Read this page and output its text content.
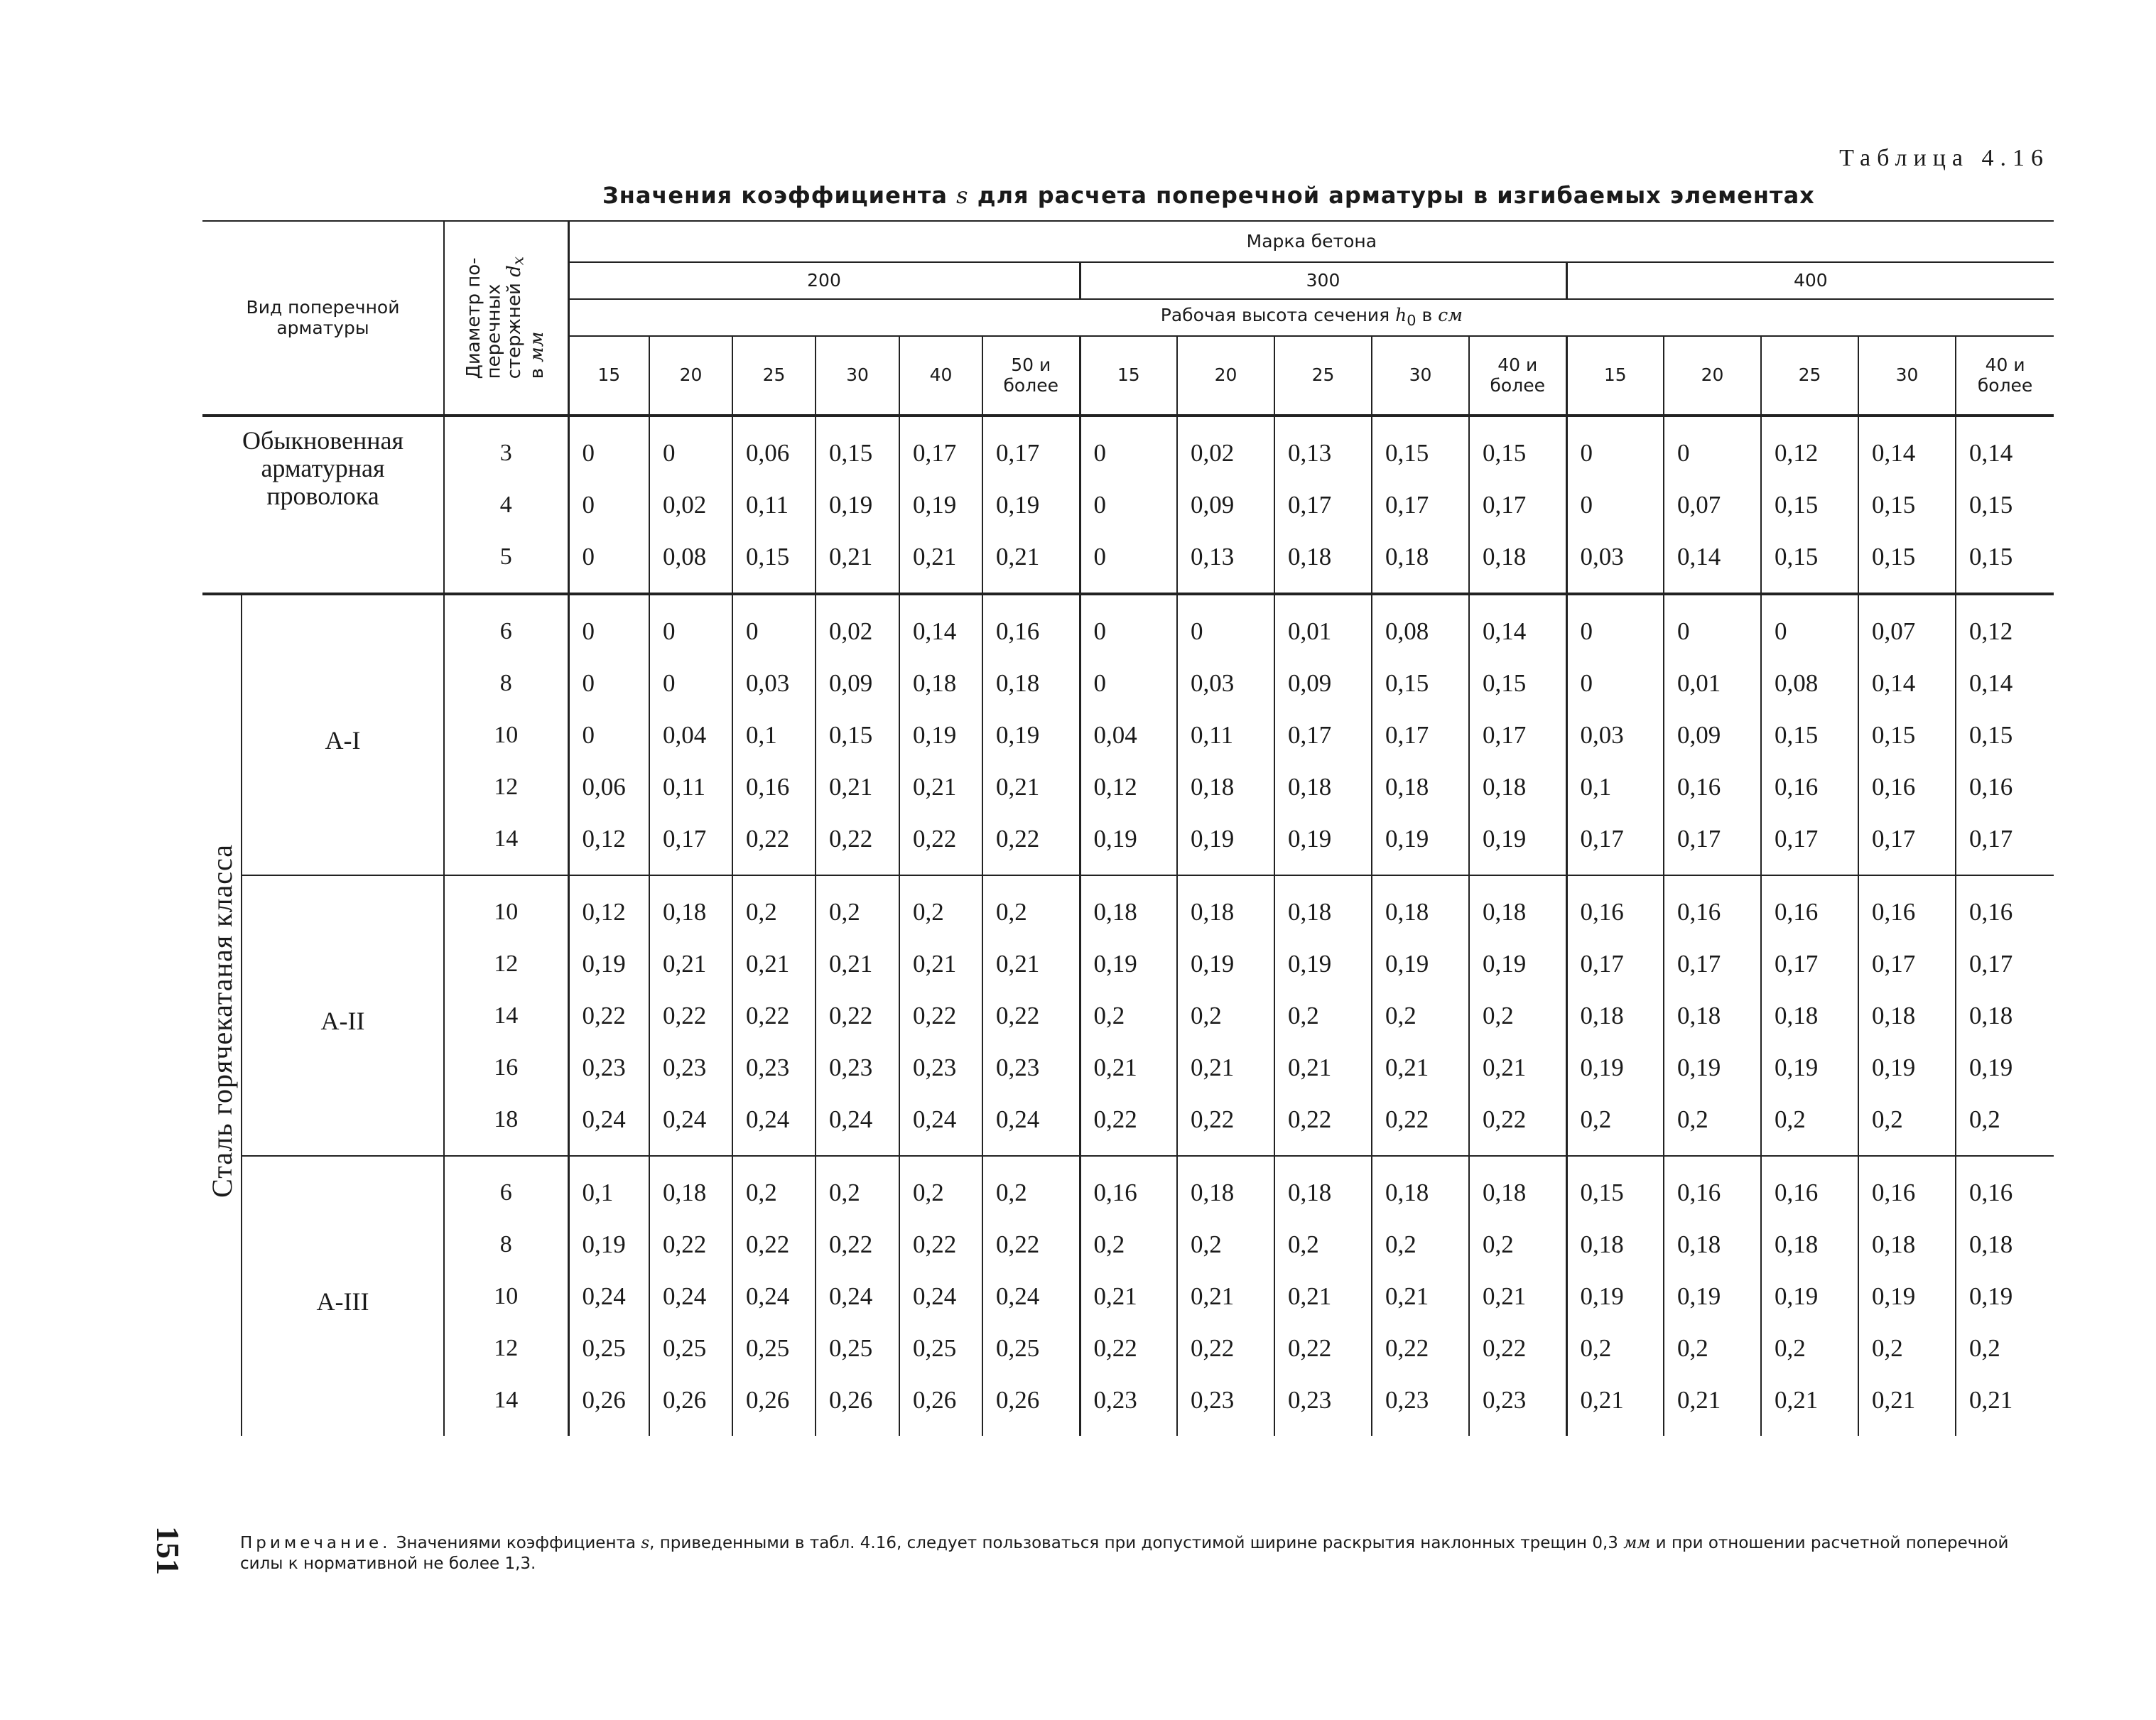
Таблица 4.16
Значения коэффициента s для расчета поперечной арматуры в изгибаемых элементах
Вид поперечной арматуры		Диаметр по-
перечных
стержней $d_x$
в мм	Марка бетона															
			200						300					400				
			Рабочая высота сечения $h_0$ в см															
			15	20	25	30	40	50 и более	15	20	25	30	40 и более	15	20	25	30	40 и более

Обыкновенная арматурная проволока		3	0	0	0,06	0,15	0,17	0,17	0	0,02	0,13	0,15	0,15	0	0	0,12	0,14	0,14
		4	0	0,02	0,11	0,19	0,19	0,19	0	0,09	0,17	0,17	0,17	0	0,07	0,15	0,15	0,15
		5	0	0,08	0,15	0,21	0,21	0,21	0	0,13	0,18	0,18	0,18	0,03	0,14	0,15	0,15	0,15

Сталь горячекатаная класса	A-I	6	0	0	0	0,02	0,14	0,16	0	0	0,01	0,08	0,14	0	0	0	0,07	0,12
		8	0	0	0,03	0,09	0,18	0,18	0	0,03	0,09	0,15	0,15	0	0,01	0,08	0,14	0,14
		10	0	0,04	0,1	0,15	0,19	0,19	0,04	0,11	0,17	0,17	0,17	0,03	0,09	0,15	0,15	0,15
		12	0,06	0,11	0,16	0,21	0,21	0,21	0,12	0,18	0,18	0,18	0,18	0,1	0,16	0,16	0,16	0,16
		14	0,12	0,17	0,22	0,22	0,22	0,22	0,19	0,19	0,19	0,19	0,19	0,17	0,17	0,17	0,17	0,17
	A-II	10	0,12	0,18	0,2	0,2	0,2	0,2	0,18	0,18	0,18	0,18	0,18	0,16	0,16	0,16	0,16	0,16
		12	0,19	0,21	0,21	0,21	0,21	0,21	0,19	0,19	0,19	0,19	0,19	0,17	0,17	0,17	0,17	0,17
		14	0,22	0,22	0,22	0,22	0,22	0,22	0,2	0,2	0,2	0,2	0,2	0,18	0,18	0,18	0,18	0,18
		16	0,23	0,23	0,23	0,23	0,23	0,23	0,21	0,21	0,21	0,21	0,21	0,19	0,19	0,19	0,19	0,19
		18	0,24	0,24	0,24	0,24	0,24	0,24	0,22	0,22	0,22	0,22	0,22	0,2	0,2	0,2	0,2	0,2
	A-III	6	0,1	0,18	0,2	0,2	0,2	0,2	0,16	0,18	0,18	0,18	0,18	0,15	0,16	0,16	0,16	0,16
		8	0,19	0,22	0,22	0,22	0,22	0,22	0,2	0,2	0,2	0,2	0,2	0,18	0,18	0,18	0,18	0,18
		10	0,24	0,24	0,24	0,24	0,24	0,24	0,21	0,21	0,21	0,21	0,21	0,19	0,19	0,19	0,19	0,19
		12	0,25	0,25	0,25	0,25	0,25	0,25	0,22	0,22	0,22	0,22	0,22	0,2	0,2	0,2	0,2	0,2
		14	0,26	0,26	0,26	0,26	0,26	0,26	0,23	0,23	0,23	0,23	0,23	0,21	0,21	0,21	0,21	0,21
151	Примечание. Значениями коэффициента s, приведенными в табл. 4.16, следует пользоваться при допустимой ширине раскрытия наклонных трещин 0,3 мм и при отношении расчетной поперечной силы к нормативной не более 1,3.
